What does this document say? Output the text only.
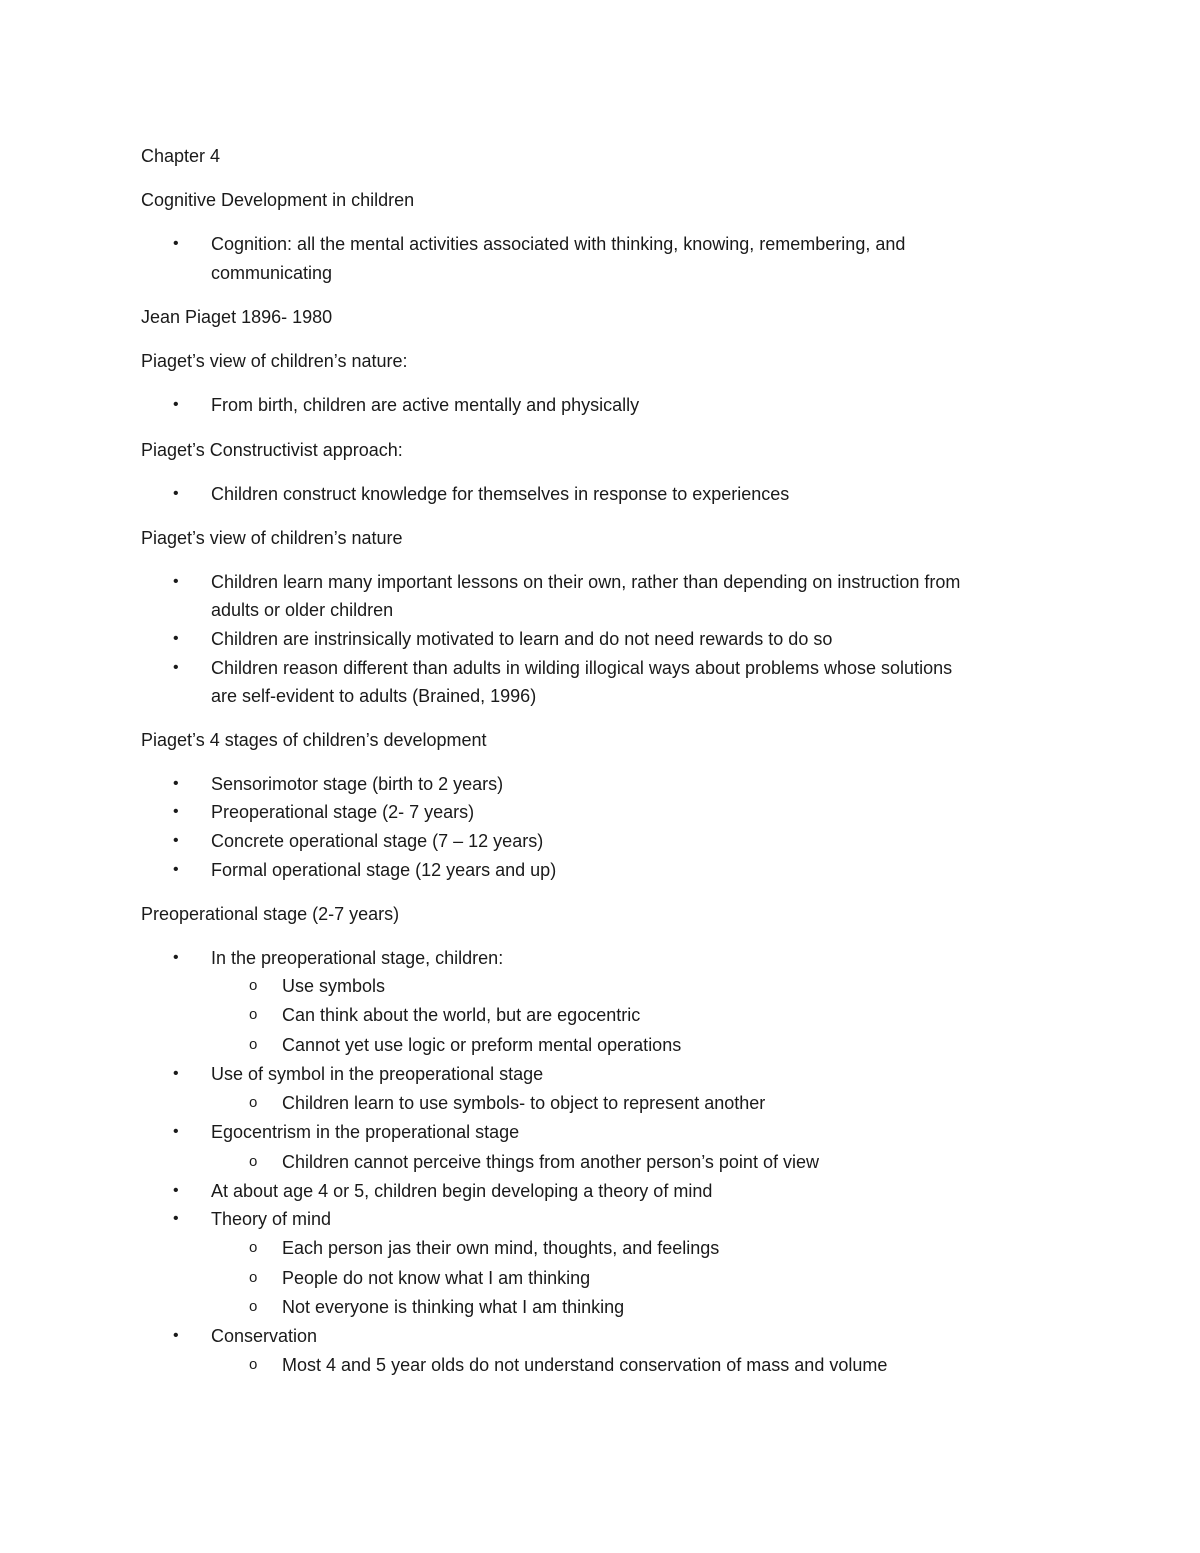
Chapter 4
Cognitive Development in children
• Cognition: all the mental activities associated with thinking, knowing, remembering, and
communicating
Jean Piaget 1896- 1980
Piaget’s view of children’s nature:
• From birth, children are active mentally and physically
Piaget’s Constructivist approach:
• Children construct knowledge for themselves in response to experiences
Piaget’s view of children’s nature
• Children learn many important lessons on their own, rather than depending on instruction from
adults or older children
• Children are instrinsically motivated to learn and do not need rewards to do so
• Children reason different than adults in wilding illogical ways about problems whose solutions
are self-evident to adults (Brained, 1996)
Piaget’s 4 stages of children’s development
• Sensorimotor stage (birth to 2 years)
• Preoperational stage (2- 7 years)
• Concrete operational stage (7 – 12 years)
• Formal operational stage (12 years and up)
Preoperational stage (2-7 years)
• In the preoperational stage, children:
o Use symbols
o Can think about the world, but are egocentric
o Cannot yet use logic or preform mental operations
• Use of symbol in the preoperational stage
o Children learn to use symbols- to object to represent another
• Egocentrism in the properational stage
o Children cannot perceive things from another person’s point of view
• At about age 4 or 5, children begin developing a theory of mind
• Theory of mind
o Each person jas their own mind, thoughts, and feelings
o People do not know what I am thinking
o Not everyone is thinking what I am thinking
• Conservation
o Most 4 and 5 year olds do not understand conservation of mass and volume
